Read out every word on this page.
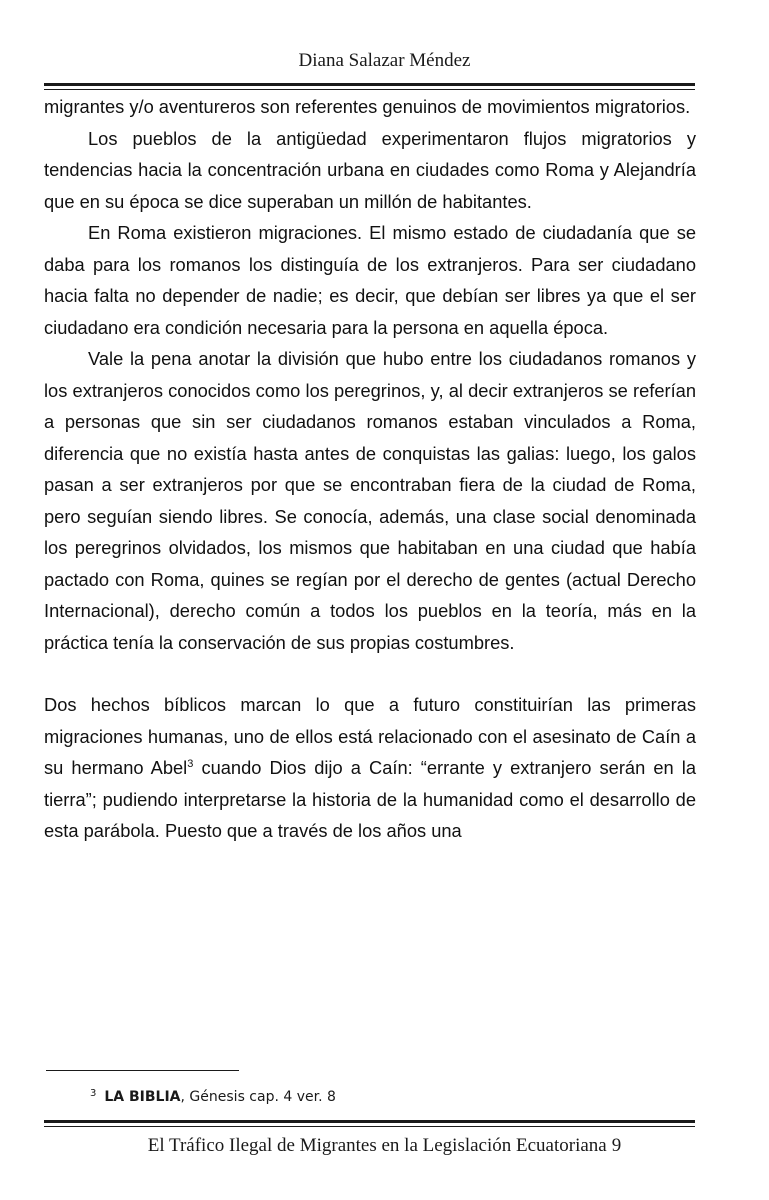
Diana Salazar Méndez

migrantes y/o aventureros son referentes genuinos de movimientos migratorios.

Los pueblos de la antigüedad experimentaron flujos migratorios y tendencias hacia la concentración urbana en ciudades como Roma y Alejandría que en su época se dice superaban un millón de habitantes.

En Roma existieron migraciones. El mismo estado de ciudadanía que se daba para los romanos los distinguía de los extranjeros. Para ser ciudadano hacia falta no depender de nadie; es decir, que debían ser libres ya que el ser ciudadano era condición necesaria para la persona en aquella época.

Vale la pena anotar la división que hubo entre los ciudadanos romanos y los extranjeros conocidos como los peregrinos, y, al decir extranjeros se referían a personas que sin ser ciudadanos romanos estaban vinculados a Roma, diferencia que no existía hasta antes de conquistas las galias: luego, los galos pasan a ser extranjeros por que se encontraban fiera de la ciudad de Roma, pero seguían siendo libres. Se conocía, además, una clase social denominada los peregrinos olvidados, los mismos que habitaban en una ciudad que había pactado con Roma, quines se regían por el derecho de gentes (actual Derecho Internacional), derecho común a todos los pueblos en la teoría, más en la práctica tenía la conservación de sus propias costumbres.

Dos hechos bíblicos marcan lo que a futuro constituirían las primeras migraciones humanas, uno de ellos está relacionado con el asesinato de Caín a su hermano Abel$^3$ cuando Dios dijo a Caín: “errante y extranjero serán en la tierra”; pudiendo interpretarse la historia de la humanidad como el desarrollo de esta parábola. Puesto que a través de los años una

$^3$ LA BIBLIA, Génesis cap. 4 ver. 8
El Tráfico Ilegal de Migrantes en la Legislación Ecuatoriana 9
